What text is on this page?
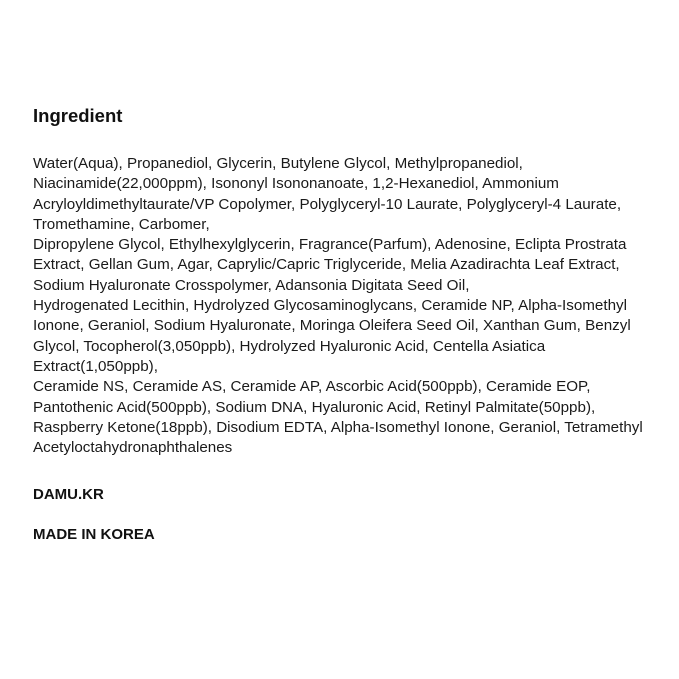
Ingredient

Water(Aqua), Propanediol, Glycerin, Butylene Glycol, Methylpropanediol, Niacinamide(22,000ppm), Isononyl Isononanoate, 1,2-Hexanediol, Ammonium Acryloyldimethyltaurate/VP Copolymer, Polyglyceryl-10 Laurate, Polyglyceryl-4 Laurate, Tromethamine, Carbomer,

Dipropylene Glycol, Ethylhexylglycerin, Fragrance(Parfum), Adenosine, Eclipta Prostrata Extract, Gellan Gum, Agar, Caprylic/Capric Triglyceride, Melia Azadirachta Leaf Extract, Sodium Hyaluronate Crosspolymer, Adansonia Digitata Seed Oil,

Hydrogenated Lecithin, Hydrolyzed Glycosaminoglycans, Ceramide NP, Alpha-Isomethyl Ionone, Geraniol, Sodium Hyaluronate, Moringa Oleifera Seed Oil, Xanthan Gum, Benzyl Glycol, Tocopherol(3,050ppb), Hydrolyzed Hyaluronic Acid, Centella Asiatica Extract(1,050ppb),

Ceramide NS, Ceramide AS, Ceramide AP, Ascorbic Acid(500ppb), Ceramide EOP, Pantothenic Acid(500ppb), Sodium DNA, Hyaluronic Acid, Retinyl Palmitate(50ppb), Raspberry Ketone(18ppb), Disodium EDTA, Alpha-Isomethyl Ionone, Geraniol, Tetramethyl Acetyloctahydronaphthalenes

DAMU.KR
MADE IN KOREA
